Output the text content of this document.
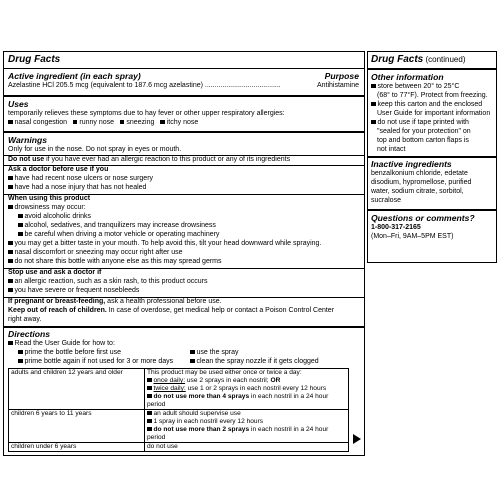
Drug Facts
Active ingredient (in each spray)	Purpose
Azelastine HCl 205.5 mcg (equivalent to 187.6 mcg azelastine) .......................................	Antihistamine
Uses
temporarily relieves these symptoms due to hay fever or other upper respiratory allergies:
nasal congestion runny nose sneezing itchy nose
Warnings
Only for use in the nose. Do not spray in eyes or mouth.
Do not use if you have ever had an allergic reaction to this product or any of its ingredients
Ask a doctor before use if you
have had recent nose ulcers or nose surgery
have had a nose injury that has not healed
When using this product
drowsiness may occur:
avoid alcoholic drinks
alcohol, sedatives, and tranquilizers may increase drowsiness
be careful when driving a motor vehicle or operating machinery
you may get a bitter taste in your mouth. To help avoid this, tilt your head downward while spraying.
nasal discomfort or sneezing may occur right after use
do not share this bottle with anyone else as this may spread germs
Stop use and ask a doctor if
an allergic reaction, such as a skin rash, to this product occurs
you have severe or frequent nosebleeds
If pregnant or breast-feeding, ask a health professional before use.
Keep out of reach of children. In case of overdose, get medical help or contact a Poison Control Center
right away.
Directions
Read the User Guide for how to:
prime the bottle before first use	use the spray
prime bottle again if not used for 3 or more days	clean the spray nozzle if it gets clogged
adults and children 12 years and older	This product may be used either once or twice a day:
once daily: use 2 sprays in each nostril; OR
twice daily: use 1 or 2 sprays in each nostril every 12 hours
do not use more than 4 sprays in each nostril in a 24 hour period

children 6 years to 11 years	an adult should supervise use
1 spray in each nostril every 12 hours
do not use more than 2 sprays in each nostril in a 24 hour period

children under 6 years	do not use
Drug Facts (continued)
Other information
store between 20° to 25°C
(68° to 77°F). Protect from freezing.
keep this carton and the enclosed
User Guide for important information
do not use if tape printed with
"sealed for your protection" on
top and bottom carton flaps is
not intact
Inactive ingredients
benzalkonium chloride, edetate
disodium, hypromellose, purified
water, sodium citrate, sorbitol,
sucralose
Questions or comments?
1-800-317-2165
(Mon–Fri, 9AM–5PM EST)
